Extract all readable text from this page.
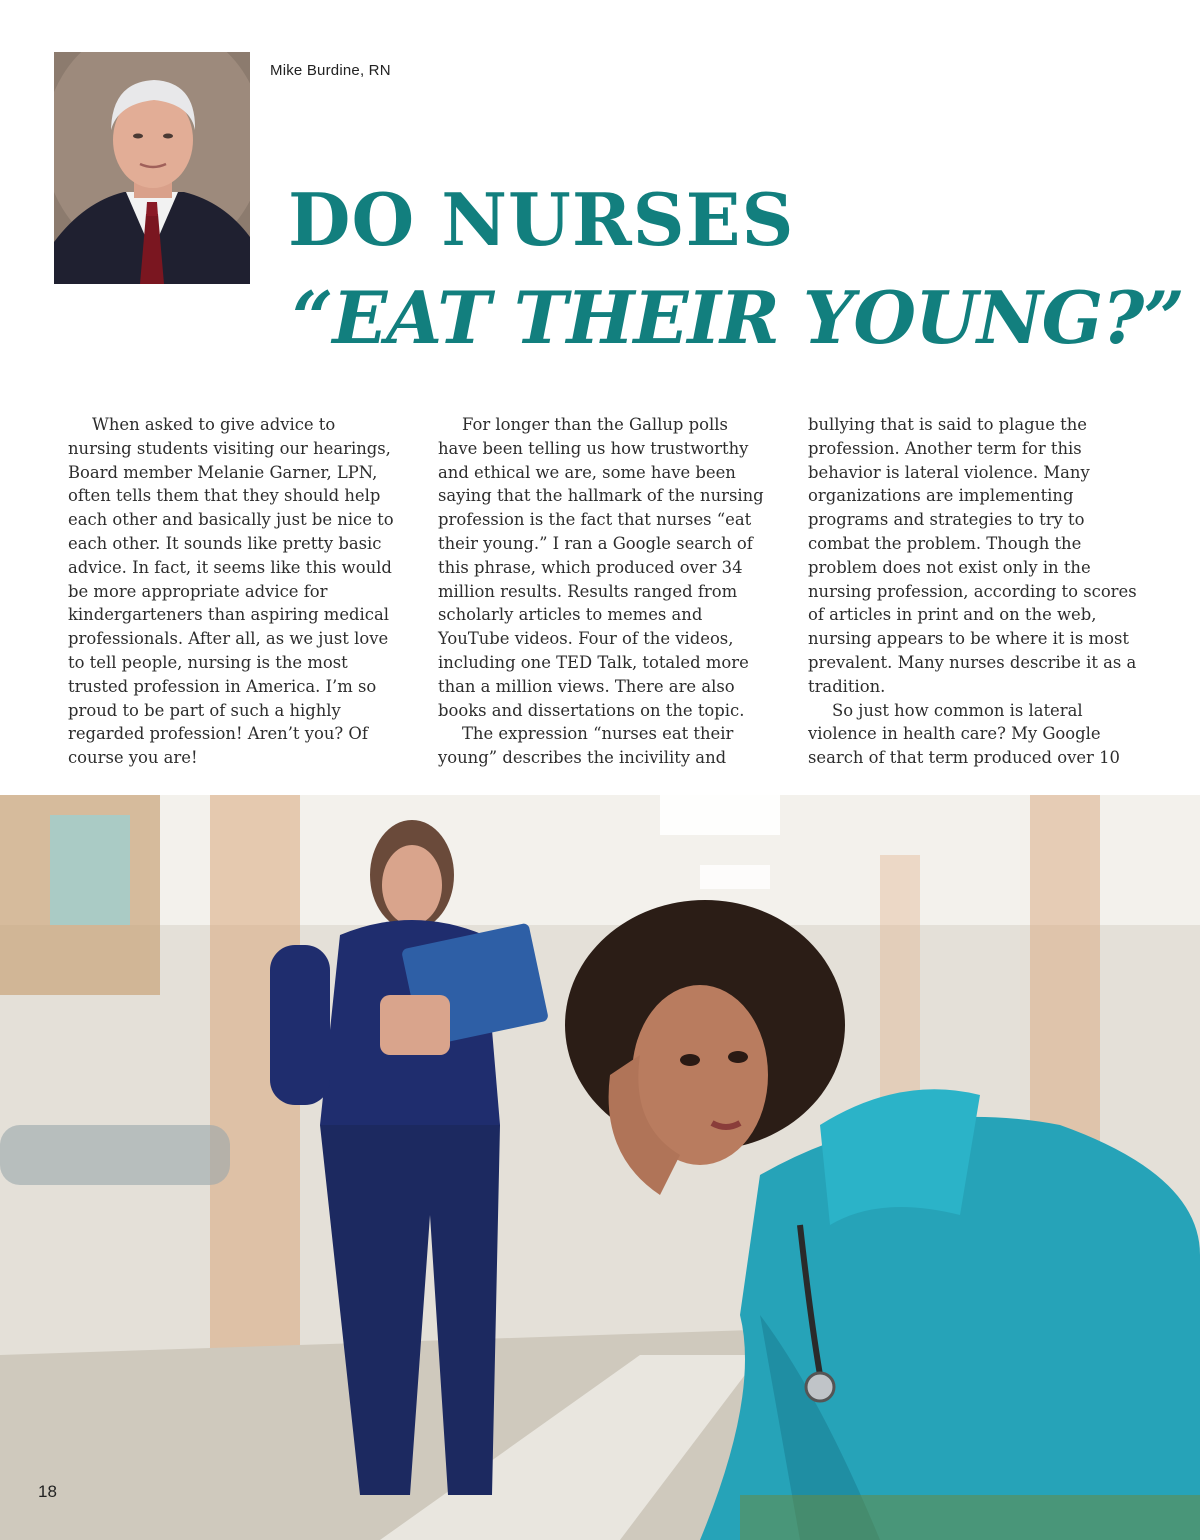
Mike Burdine, RN
DO NURSES
“EAT THEIR YOUNG?”

When asked to give advice to nursing students visiting our hearings, Board member Melanie Garner, LPN, often tells them that they should help each other and basically just be nice to each other. It sounds like pretty basic advice. In fact, it seems like this would be more appropriate advice for kindergarteners than aspiring medical professionals. After all, as we just love to tell people, nursing is the most trusted profession in America. I’m so proud to be part of such a highly regarded profession! Aren’t you? Of course you are!

For longer than the Gallup polls have been telling us how trustworthy and ethical we are, some have been saying that the hallmark of the nursing profession is the fact that nurses “eat their young.” I ran a Google search of this phrase, which produced over 34 million results. Results ranged from scholarly articles to memes and YouTube videos. Four of the videos, including one TED Talk, totaled more than a million views. There are also books and dissertations on the topic.

The expression “nurses eat their young” describes the incivility and

bullying that is said to plague the profession. Another term for this behavior is lateral violence. Many organizations are implementing programs and strategies to try to combat the problem. Though the problem does not exist only in the nursing profession, according to scores of articles in print and on the web, nursing appears to be where it is most prevalent. Many nurses describe it as a tradition.

So just how common is lateral violence in health care? My Google search of that term produced over 10

18
